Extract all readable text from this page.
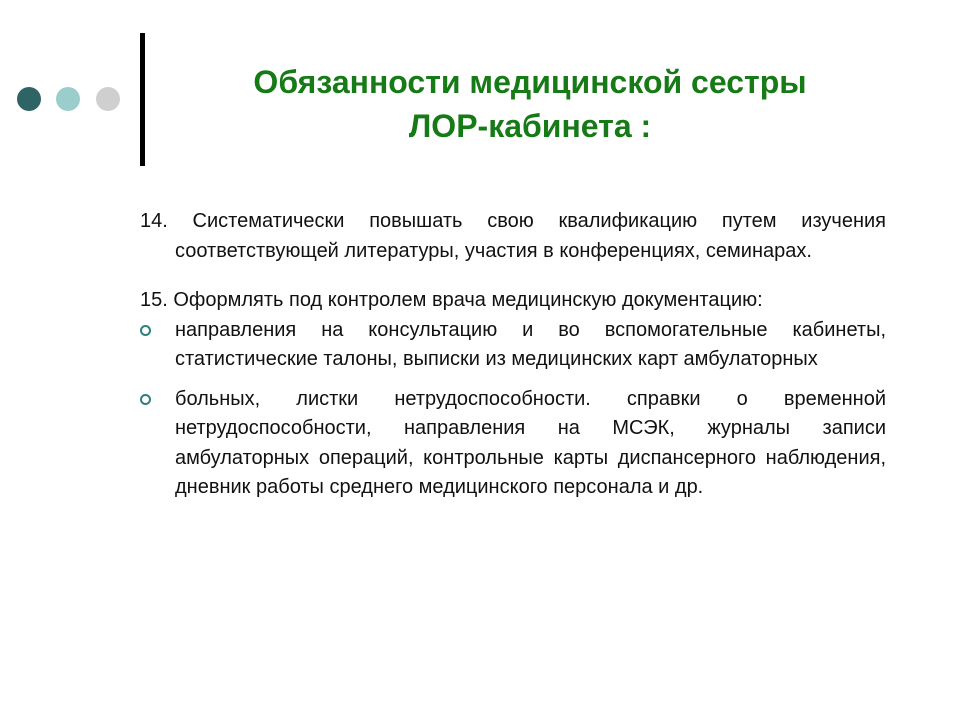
Обязанности медицинской сестры
ЛОР-кабинета :
14. Систематически повышать свою квалификацию путем изучения соответствующей литературы, участия в конференциях, семинарах.
15. Оформлять под контролем врача медицинскую документацию:
направления на консультацию и во вспомогательные кабинеты, статистические талоны, выписки из медицинских карт амбулаторных
больных, листки нетрудоспособности. справки о временной нетрудоспособности, направления на МСЭК, журналы записи амбулаторных операций, контрольные карты диспансерного наблюдения, дневник работы среднего медицинского персонала и др.
